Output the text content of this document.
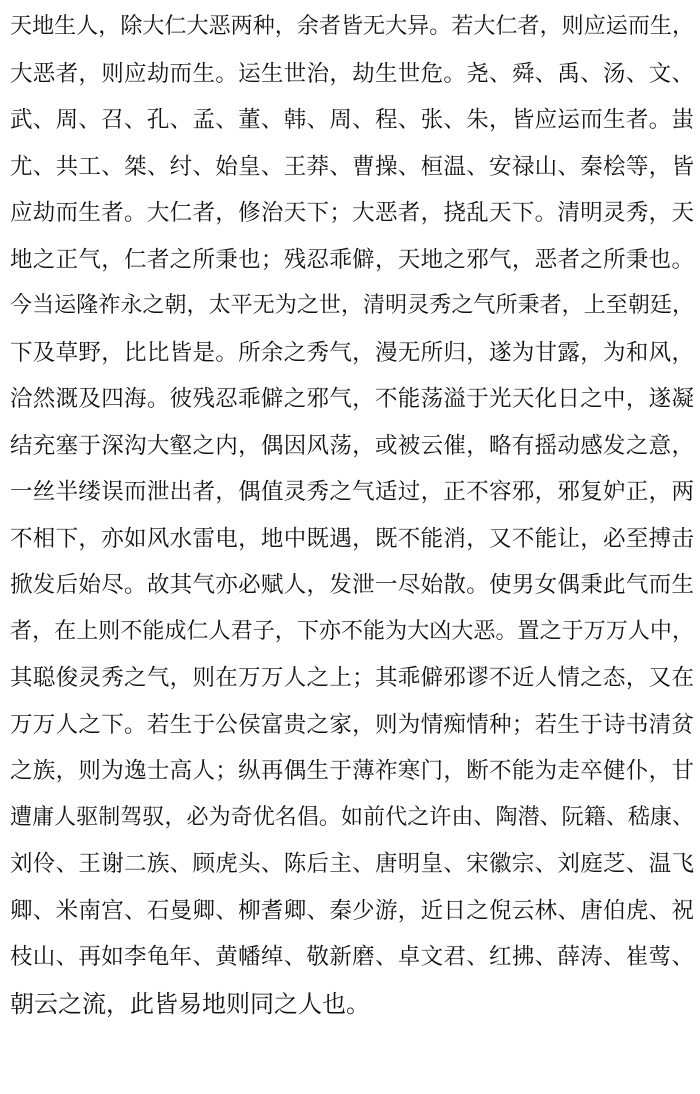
天地生人，除大仁大恶两种，余者皆无大异。若大仁者，则应运而生，
大恶者，则应劫而生。运生世治，劫生世危。尧、舜、禹、汤、文、
武、周、召、孔、孟、董、韩、周、程、张、朱，皆应运而生者。蚩
尤、共工、桀、纣、始皇、王莽、曹操、桓温、安禄山、秦桧等，皆
应劫而生者。大仁者，修治天下；大恶者，挠乱天下。清明灵秀，天
地之正气，仁者之所秉也；残忍乖僻，天地之邪气，恶者之所秉也。
今当运隆祚永之朝，太平无为之世，清明灵秀之气所秉者，上至朝廷，
下及草野，比比皆是。所余之秀气，漫无所归，遂为甘露，为和风，
洽然溉及四海。彼残忍乖僻之邪气，不能荡溢于光天化日之中，遂凝
结充塞于深沟大壑之内，偶因风荡，或被云催，略有摇动感发之意，
一丝半缕误而泄出者，偶值灵秀之气适过，正不容邪，邪复妒正，两
不相下，亦如风水雷电，地中既遇，既不能消，又不能让，必至搏击
掀发后始尽。故其气亦必赋人，发泄一尽始散。使男女偶秉此气而生
者，在上则不能成仁人君子，下亦不能为大凶大恶。置之于万万人中，
其聪俊灵秀之气，则在万万人之上；其乖僻邪谬不近人情之态，又在
万万人之下。若生于公侯富贵之家，则为情痴情种；若生于诗书清贫
之族，则为逸士高人；纵再偶生于薄祚寒门，断不能为走卒健仆，甘
遭庸人驱制驾驭，必为奇优名倡。如前代之许由、陶潜、阮籍、嵇康、
刘伶、王谢二族、顾虎头、陈后主、唐明皇、宋徽宗、刘庭芝、温飞
卿、米南宫、石曼卿、柳耆卿、秦少游，近日之倪云林、唐伯虎、祝
枝山、再如李龟年、黄幡绰、敬新磨、卓文君、红拂、薛涛、崔莺、
朝云之流，此皆易地则同之人也。
